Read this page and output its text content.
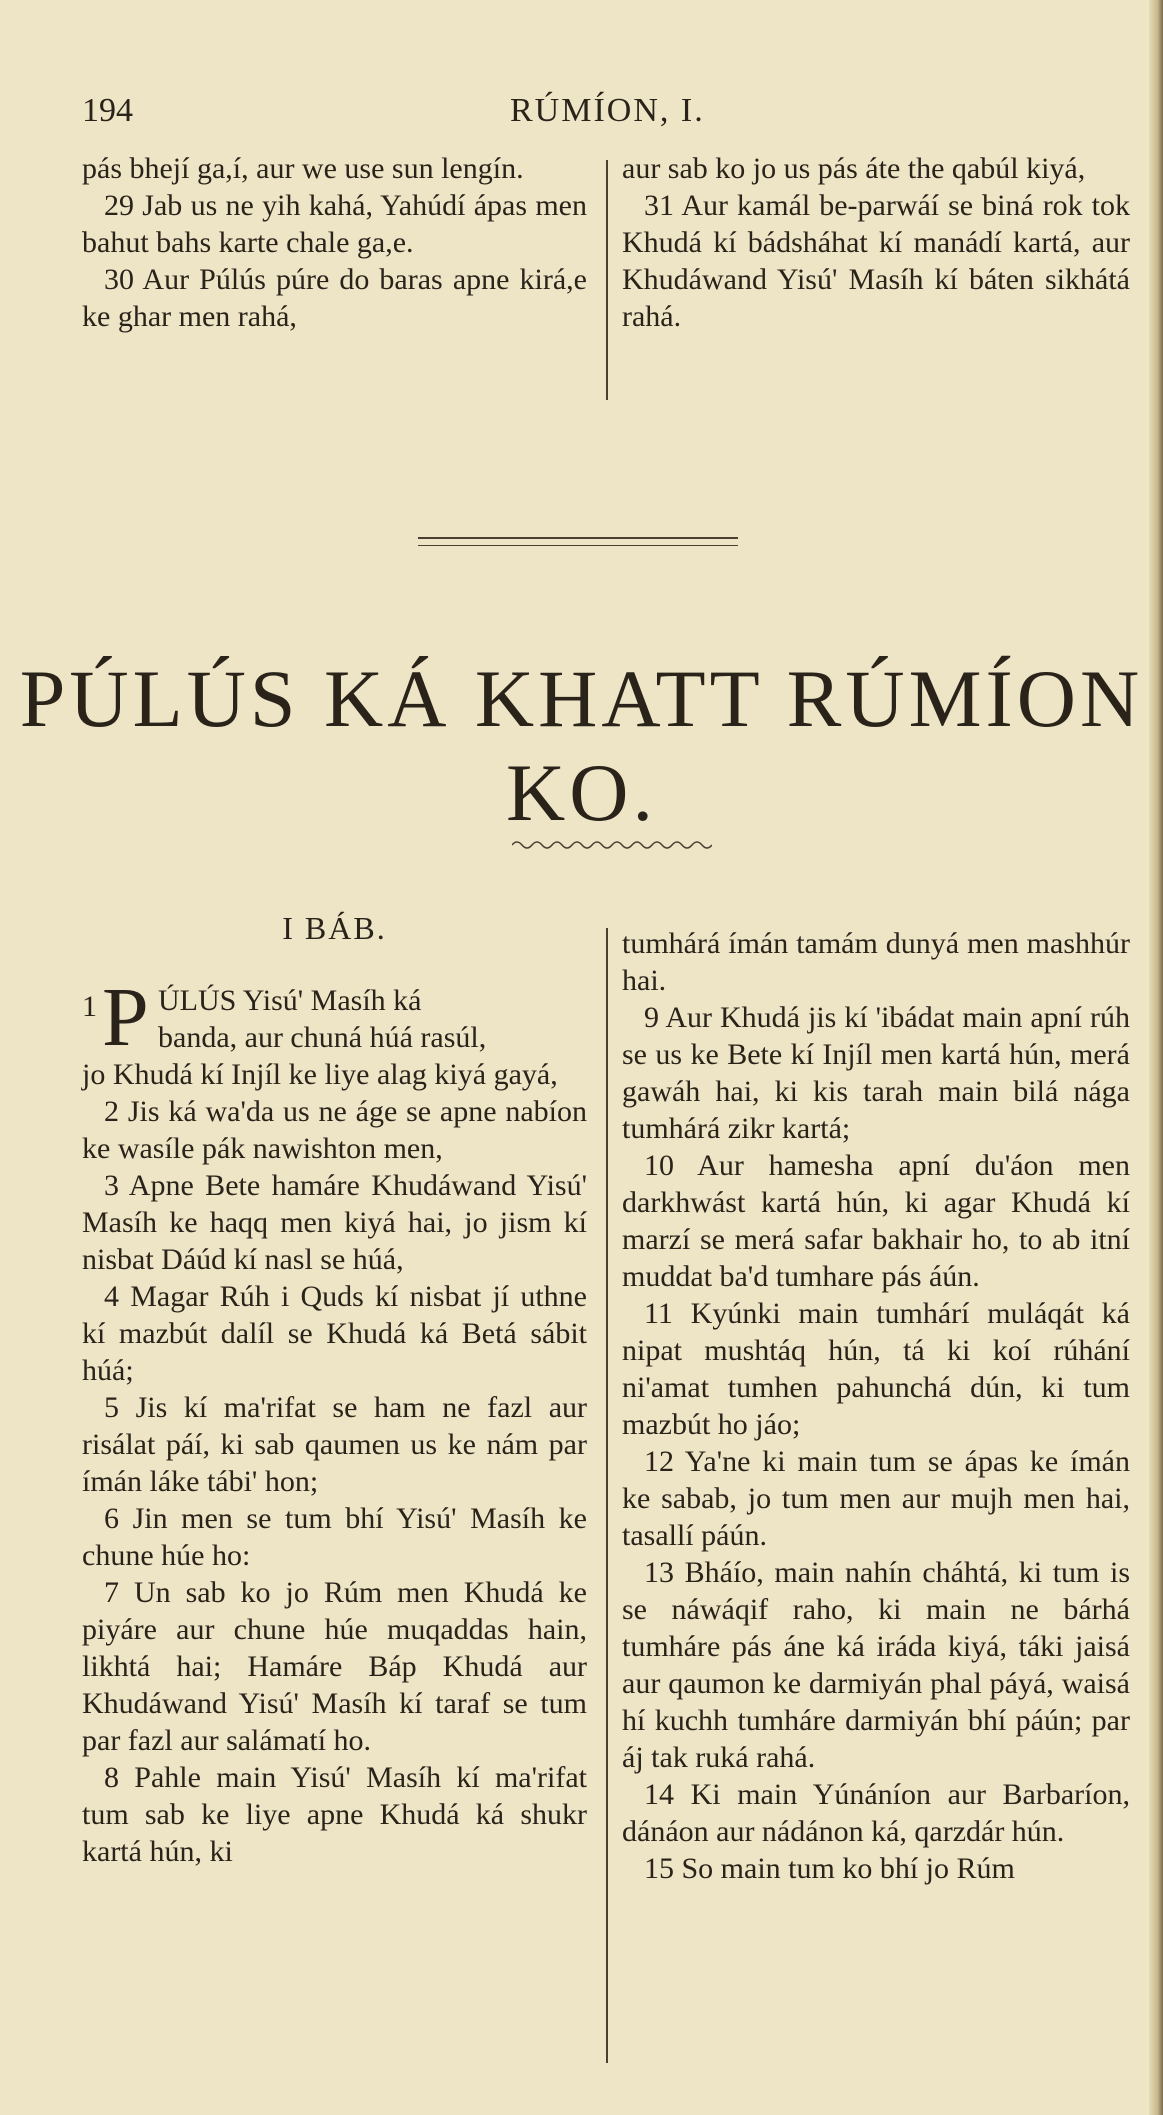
194	RÚMÍON, I.

pás bhejí ga,í, aur we use sun lengín.

29 Jab us ne yih kahá, Yahúdí ápas men bahut bahs karte chale ga,e.

30 Aur Púlús púre do baras apne kirá,e ke ghar men rahá,

aur sab ko jo us pás áte the qabúl kiyá,

31 Aur kamál be-parwáí se biná rok tok Khudá kí bádsháhat kí manádí kartá, aur Khudáwand Yisú' Masíh kí báten sikhátá rahá.

PÚLÚS KÁ KHATT RÚMÍON KO.
I BÁB.
1 P ÚLÚS Yisú' Masíh ká

banda, aur chuná húá rasúl,

jo Khudá kí Injíl ke liye alag kiyá gayá,

2 Jis ká wa'da us ne áge se apne nabíon ke wasíle pák nawishton men,

3 Apne Bete hamáre Khudáwand Yisú' Masíh ke haqq men kiyá hai, jo jism kí nisbat Dáúd kí nasl se húá,

4 Magar Rúh i Quds kí nisbat jí uthne kí mazbút dalíl se Khudá ká Betá sábit húá;

5 Jis kí ma'rifat se ham ne fazl aur risálat páí, ki sab qaumen us ke nám par ímán láke tábi' hon;

6 Jin men se tum bhí Yisú' Masíh ke chune húe ho:

7 Un sab ko jo Rúm men Khudá ke piyáre aur chune húe muqaddas hain, likhtá hai; Hamáre Báp Khudá aur Khudáwand Yisú' Masíh kí taraf se tum par fazl aur salámatí ho.

8 Pahle main Yisú' Masíh kí ma'rifat tum sab ke liye apne Khudá ká shukr kartá hún, ki

tumhárá ímán tamám dunyá men mashhúr hai.

9 Aur Khudá jis kí 'ibádat main apní rúh se us ke Bete kí Injíl men kartá hún, merá gawáh hai, ki kis tarah main bilá nága tumhárá zikr kartá;

10 Aur hamesha apní du'áon men darkhwást kartá hún, ki agar Khudá kí marzí se merá safar bakhair ho, to ab itní muddat ba'd tumhare pás áún.

11 Kyúnki main tumhárí muláqát ká nipat mushtáq hún, tá ki koí rúhání ni'amat tumhen pahunchá dún, ki tum mazbút ho jáo;

12 Ya'ne ki main tum se ápas ke ímán ke sabab, jo tum men aur mujh men hai, tasallí páún.

13 Bháío, main nahín cháhtá, ki tum is se náwáqif raho, ki main ne bárhá tumháre pás áne ká iráda kiyá, táki jaisá aur qaumon ke darmiyán phal páyá, waisá hí kuchh tumháre darmiyán bhí páún; par áj tak ruká rahá.

14 Ki main Yúnáníon aur Barbaríon, dánáon aur nádánon ká, qarzdár hún.

15 So main tum ko bhí jo Rúm
